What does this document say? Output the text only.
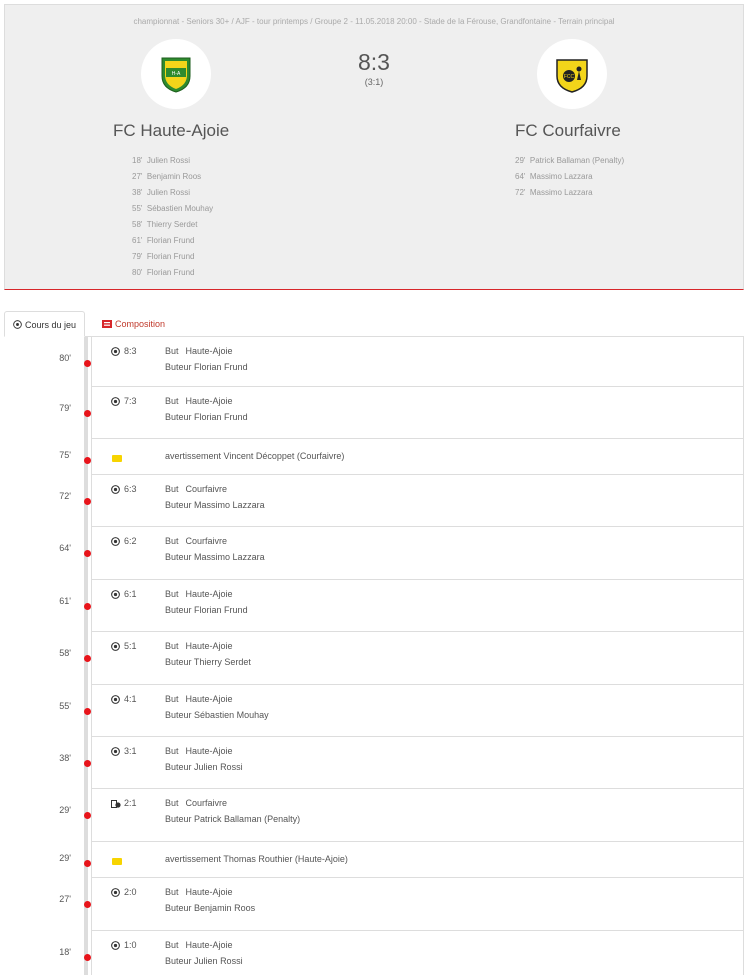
championnat - Seniors 30+ / AJF - tour printemps / Groupe 2 - 11.05.2018 20:00 - Stade de la Férouse, Grandfontaine - Terrain principal
H-A	FCC
8:3
(3:1)
FC Haute-Ajoie	FC Courfaivre
18' Julien Rossi
27' Benjamin Roos
38' Julien Rossi
55' Sébastien Mouhay
58' Thierry Serdet
61' Florian Frund
79' Florian Frund
80' Florian Frund
29' Patrick Ballaman (Penalty)
64' Massimo Lazzara
72' Massimo Lazzara
Cours du jeu	Composition
80'
8:3	But Haute-Ajoie
Buteur Florian Frund
79'
7:3	But Haute-Ajoie
Buteur Florian Frund
75'	avertissement Vincent Décoppet (Courfaivre)
72'
6:3	But Courfaivre
Buteur Massimo Lazzara
64'
6:2	But Courfaivre
Buteur Massimo Lazzara
61'
6:1	But Haute-Ajoie
Buteur Florian Frund
58'
5:1	But Haute-Ajoie
Buteur Thierry Serdet
55'
4:1	But Haute-Ajoie
Buteur Sébastien Mouhay
38'
3:1	But Haute-Ajoie
Buteur Julien Rossi
29'
2:1	But Courfaivre
Buteur Patrick Ballaman (Penalty)
29'	avertissement Thomas Routhier (Haute-Ajoie)
27'
2:0	But Haute-Ajoie
Buteur Benjamin Roos
18'
1:0	But Haute-Ajoie
Buteur Julien Rossi
